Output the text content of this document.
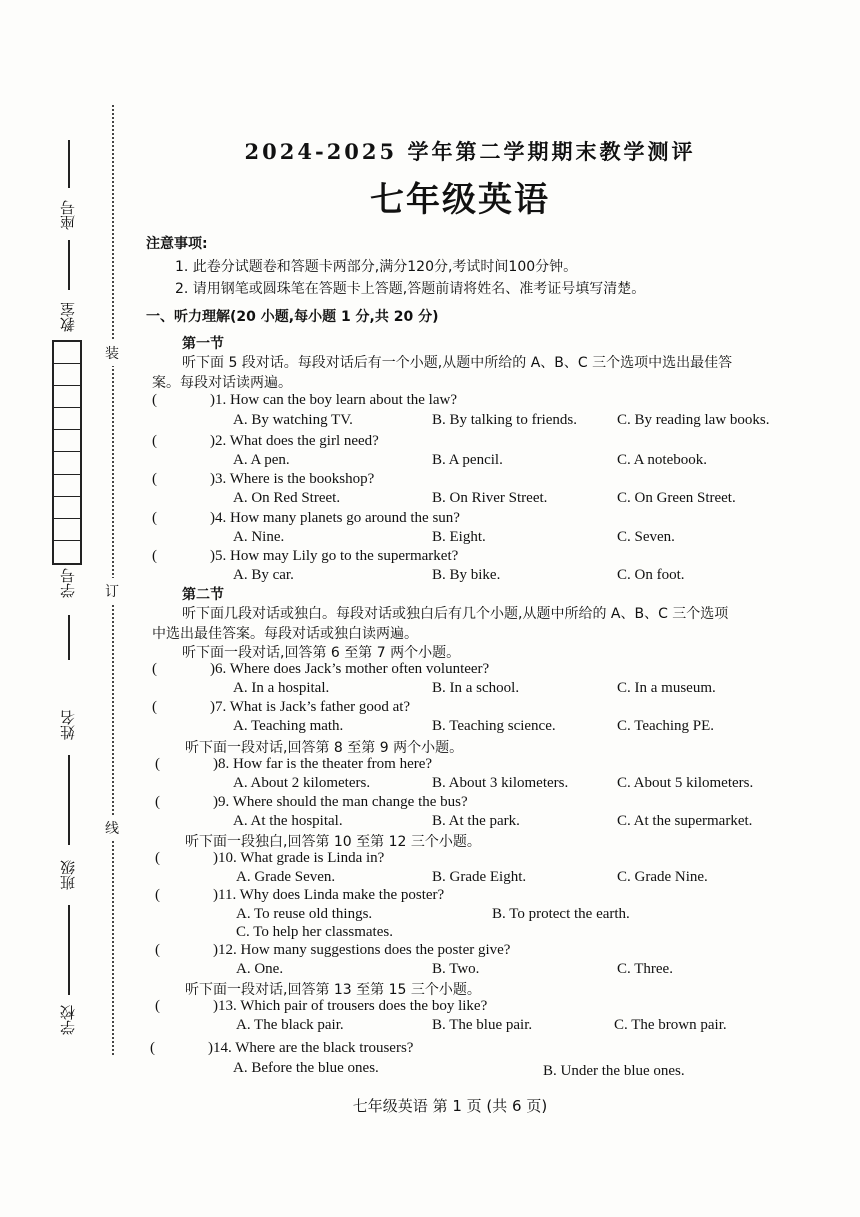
座号
教室
学号
姓名
班级
学校
装
订
线
2024-2025 学年第二学期期末教学测评
七年级英语
注意事项:
1. 此卷分试题卷和答题卡两部分,满分120分,考试时间100分钟。
2. 请用钢笔或圆珠笔在答题卡上答题,答题前请将姓名、准考证号填写清楚。
一、听力理解(20 小题,每小题 1 分,共 20 分)
第一节
听下面 5 段对话。每段对话后有一个小题,从题中所给的 A、B、C 三个选项中选出最佳答
案。每段对话读两遍。
(	)1. How can the boy learn about the law?
A. By watching TV.	B. By talking to friends.	C. By reading law books.
(	)2. What does the girl need?
A. A pen.	B. A pencil.	C. A notebook.
(	)3. Where is the bookshop?
A. On Red Street.	B. On River Street.	C. On Green Street.
(	)4. How many planets go around the sun?
A. Nine.	B. Eight.	C. Seven.
(	)5. How may Lily go to the supermarket?
A. By car.	B. By bike.	C. On foot.
第二节
听下面几段对话或独白。每段对话或独白后有几个小题,从题中所给的 A、B、C 三个选项
中选出最佳答案。每段对话或独白读两遍。
听下面一段对话,回答第 6 至第 7 两个小题。
(	)6. Where does Jack’s mother often volunteer?
A. In a hospital.	B. In a school.	C. In a museum.
(	)7. What is Jack’s father good at?
A. Teaching math.	B. Teaching science.	C. Teaching PE.
听下面一段对话,回答第 8 至第 9 两个小题。
(	)8. How far is the theater from here?
A. About 2 kilometers.	B. About 3 kilometers.	C. About 5 kilometers.
(	)9. Where should the man change the bus?
A. At the hospital.	B. At the park.	C. At the supermarket.
听下面一段独白,回答第 10 至第 12 三个小题。
(	)10. What grade is Linda in?
A. Grade Seven.	B. Grade Eight.	C. Grade Nine.
(	)11. Why does Linda make the poster?
A. To reuse old things.	B. To protect the earth.
C. To help her classmates.
(	)12. How many suggestions does the poster give?
A. One.	B. Two.	C. Three.
听下面一段对话,回答第 13 至第 15 三个小题。
(	)13. Which pair of trousers does the boy like?
A. The black pair.	B. The blue pair.	C. The brown pair.
(	)14. Where are the black trousers?
A. Before the blue ones.	B. Under the blue ones.
七年级英语 第 1 页 (共 6 页)
